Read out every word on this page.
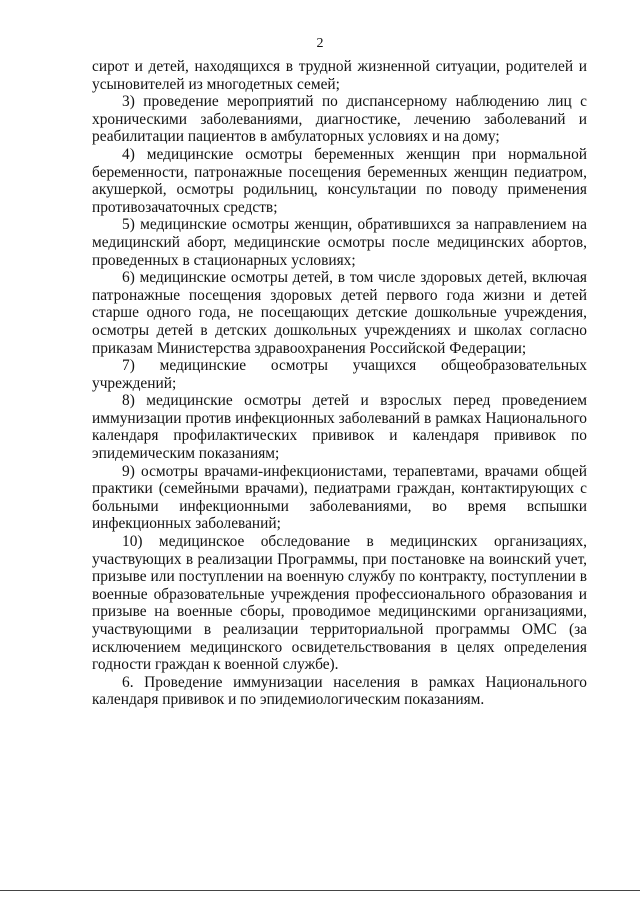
2

сирот и детей, находящихся в трудной жизненной ситуации, родителей и усыновителей из многодетных семей;

3) проведение мероприятий по диспансерному наблюдению лиц с хроническими заболеваниями, диагностике, лечению заболеваний и реабилитации пациентов в амбулаторных условиях и на дому;

4) медицинские осмотры беременных женщин при нормальной беременности, патронажные посещения беременных женщин педиатром, акушеркой, осмотры родильниц, консультации по поводу применения противозачаточных средств;

5) медицинские осмотры женщин, обратившихся за направлением на медицинский аборт, медицинские осмотры после медицинских абортов, проведенных в стационарных условиях;

6) медицинские осмотры детей, в том числе здоровых детей, включая патронажные посещения здоровых детей первого года жизни и детей старше одного года, не посещающих детские дошкольные учреждения, осмотры детей в детских дошкольных учреждениях и школах согласно приказам Министерства здравоохранения Российской Федерации;

7) медицинские осмотры учащихся общеобразовательных учреждений;

8) медицинские осмотры детей и взрослых перед проведением иммунизации против инфекционных заболеваний в рамках Национального календаря профилактических прививок и календаря прививок по эпидемическим показаниям;

9) осмотры врачами-инфекционистами, терапевтами, врачами общей практики (семейными врачами), педиатрами граждан, контактирующих с больными инфекционными заболеваниями, во время вспышки инфекционных заболеваний;

10) медицинское обследование в медицинских организациях, участвующих в реализации Программы, при постановке на воинский учет, призыве или поступлении на военную службу по контракту, поступлении в военные образовательные учреждения профессионального образования и призыве на военные сборы, проводимое медицинскими организациями, участвующими в реализации территориальной программы ОМС (за исключением медицинского освидетельствования в целях определения годности граждан к военной службе).

6. Проведение иммунизации населения в рамках Национального календаря прививок и по эпидемиологическим показаниям.
